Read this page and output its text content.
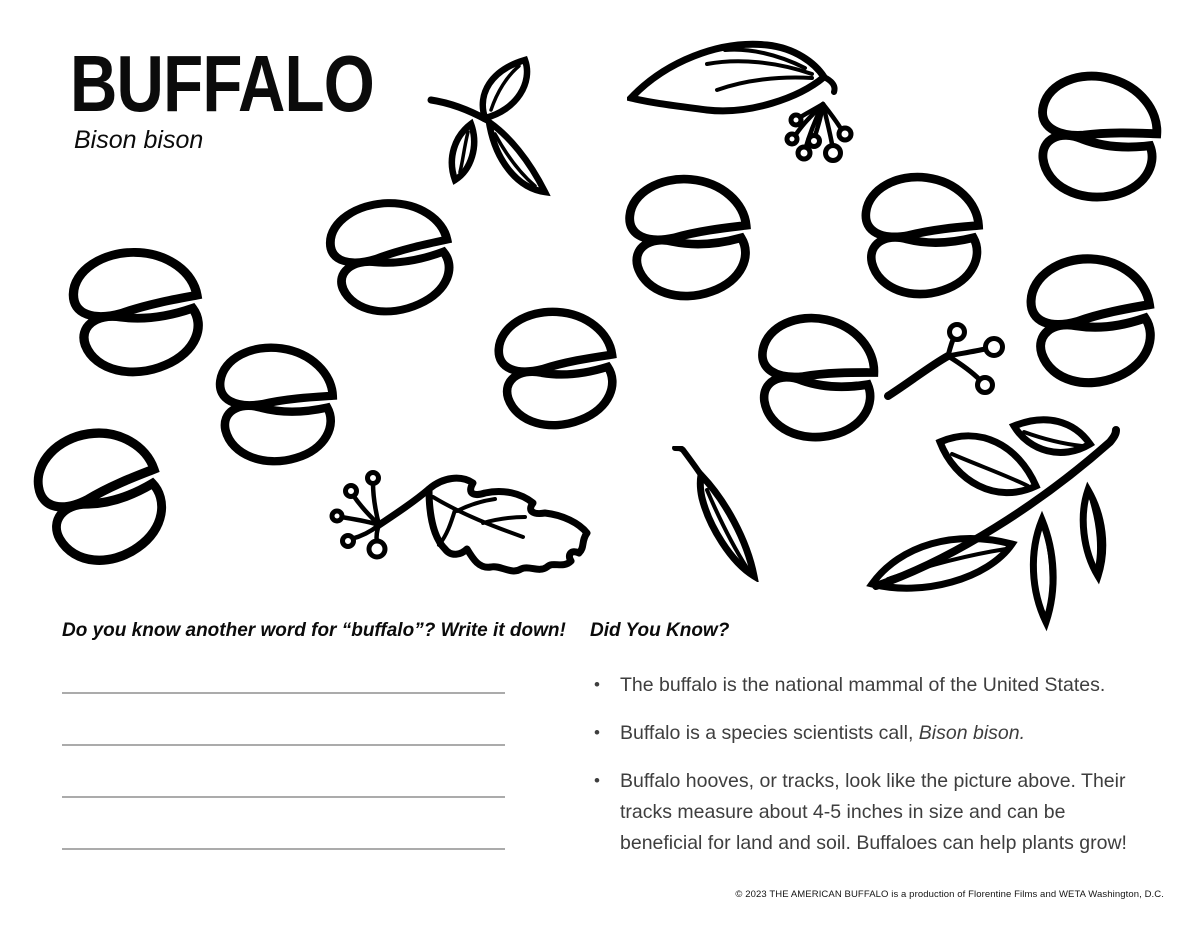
BUFFALO
Bison bison
Do you know another word for “buffalo”? Write it down!	Did You Know?
• The buffalo is the national mammal of the United States.
• Buffalo is a species scientists call, Bison bison.
• Buffalo hooves, or tracks, look like the picture above. Their tracks measure about 4-5 inches in size and can be beneficial for land and soil. Buffaloes can help plants grow!
© 2023 THE AMERICAN BUFFALO is a production of Florentine Films and WETA Washington, D.C.
